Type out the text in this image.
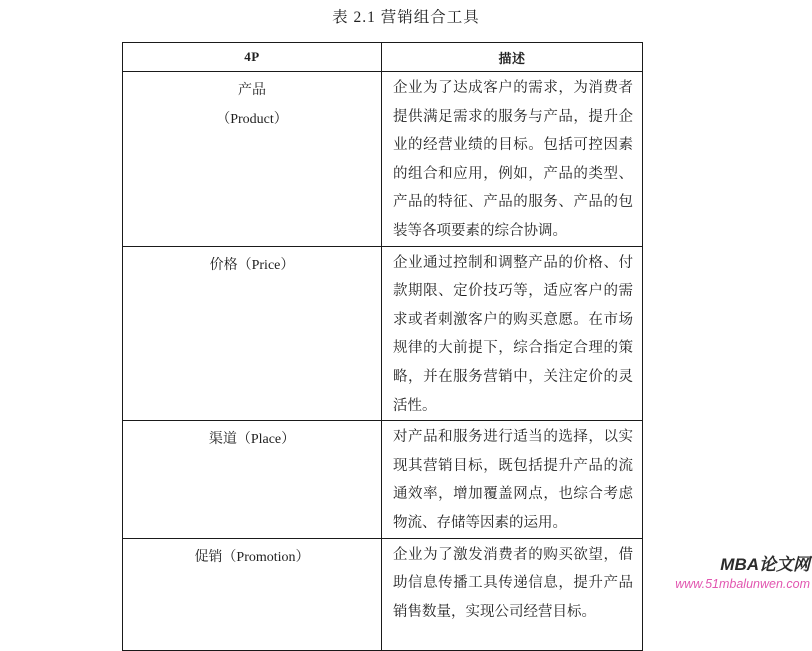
表 2.1 营销组合工具
4P	描述

产品
（Product）	企业为了达成客户的需求，为消费者提供满足需求的服务与产品，提升企业的经营业绩的目标。包括可控因素的组合和应用，例如，产品的类型、产品的特征、产品的服务、产品的包装等各项要素的综合协调。

价格（Price）	企业通过控制和调整产品的价格、付款期限、定价技巧等，适应客户的需求或者刺激客户的购买意愿。在市场规律的大前提下，综合指定合理的策略，并在服务营销中，关注定价的灵活性。

渠道（Place）	对产品和服务进行适当的选择，以实现其营销目标，既包括提升产品的流通效率，增加覆盖网点，也综合考虑物流、存储等因素的运用。

促销（Promotion）	企业为了激发消费者的购买欲望，借助信息传播工具传递信息，提升产品销售数量，实现公司经营目标。
MBA论文网
www.51mbalunwen.com
